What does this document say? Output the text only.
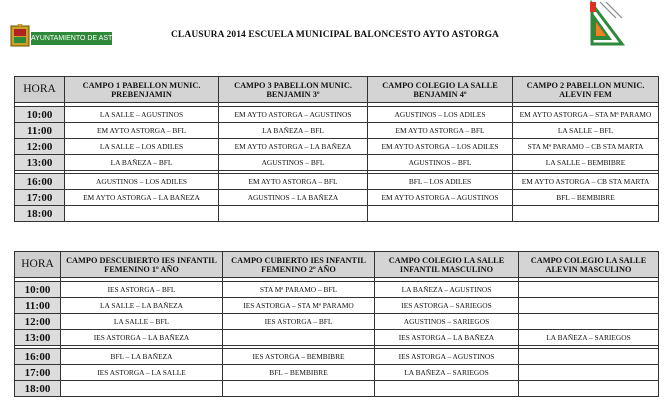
AYUNTAMIENTO DE ASTORGA	CLAUSURA 2014 ESCUELA MUNICIPAL BALONCESTO AYTO ASTORGA
HORA	CAMPO 1 PABELLON MUNIC. PREBENJAMIN	CAMPO 3 PABELLON MUNIC. BENJAMIN 3º	CAMPO COLEGIO LA SALLE BENJAMIN 4º	CAMPO 2 PABELLON MUNIC. ALEVIN FEM

10:00	LA SALLE – AGUSTINOS	EM AYTO ASTORGA – AGUSTINOS	AGUSTINOS – LOS ADILES	EM AYTO ASTORGA – STA Mª PARAMO
11:00	EM AYTO ASTORGA – BFL	LA BAÑEZA – BFL	EM AYTO ASTORGA – BFL	LA SALLE – BFL
12:00	LA SALLE – LOS ADILES	EM AYTO ASTORGA – LA BAÑEZA	EM AYTO ASTORGA – LOS ADILES	STA Mª PARAMO – CB STA MARTA
13:00	LA BAÑEZA – BFL	AGUSTINOS – BFL	AGUSTINOS – BFL	LA SALLE – BEMBIBRE

16:00	AGUSTINOS – LOS ADILES	EM AYTO ASTORGA – BFL	BFL – LOS ADILES	EM AYTO ASTORGA – CB STA MARTA
17:00	EM AYTO ASTORGA – LA BAÑEZA	AGUSTINOS – LA BAÑEZA	EM AYTO ASTORGA – AGUSTINOS	BFL – BEMBIBRE
18:00				
HORA	CAMPO DESCUBIERTO IES INFANTIL FEMENINO 1º AÑO	CAMPO CUBIERTO IES INFANTIL FEMENINO 2º AÑO	CAMPO COLEGIO LA SALLE INFANTIL MASCULINO	CAMPO COLEGIO LA SALLE ALEVIN MASCULINO

10:00	IES ASTORGA – BFL	STA Mª PARAMO – BFL	LA BAÑEZA – AGUSTINOS	
11:00	LA SALLE – LA BAÑEZA	IES ASTORGA – STA Mª PARAMO	IES ASTORGA – SARIEGOS	
12:00	LA SALLE – BFL	IES ASTORGA – BFL	AGUSTINOS – SARIEGOS	
13:00	IES ASTORGA – LA BAÑEZA		IES ASTORGA – LA BAÑEZA	LA BAÑEZA – SARIEGOS

16:00	BFL – LA BAÑEZA	IES ASTORGA – BEMBIBRE	IES ASTORGA – AGUSTINOS	
17:00	IES ASTORGA – LA SALLE	BFL – BEMBIBRE	LA BAÑEZA – SARIEGOS	
18:00				
